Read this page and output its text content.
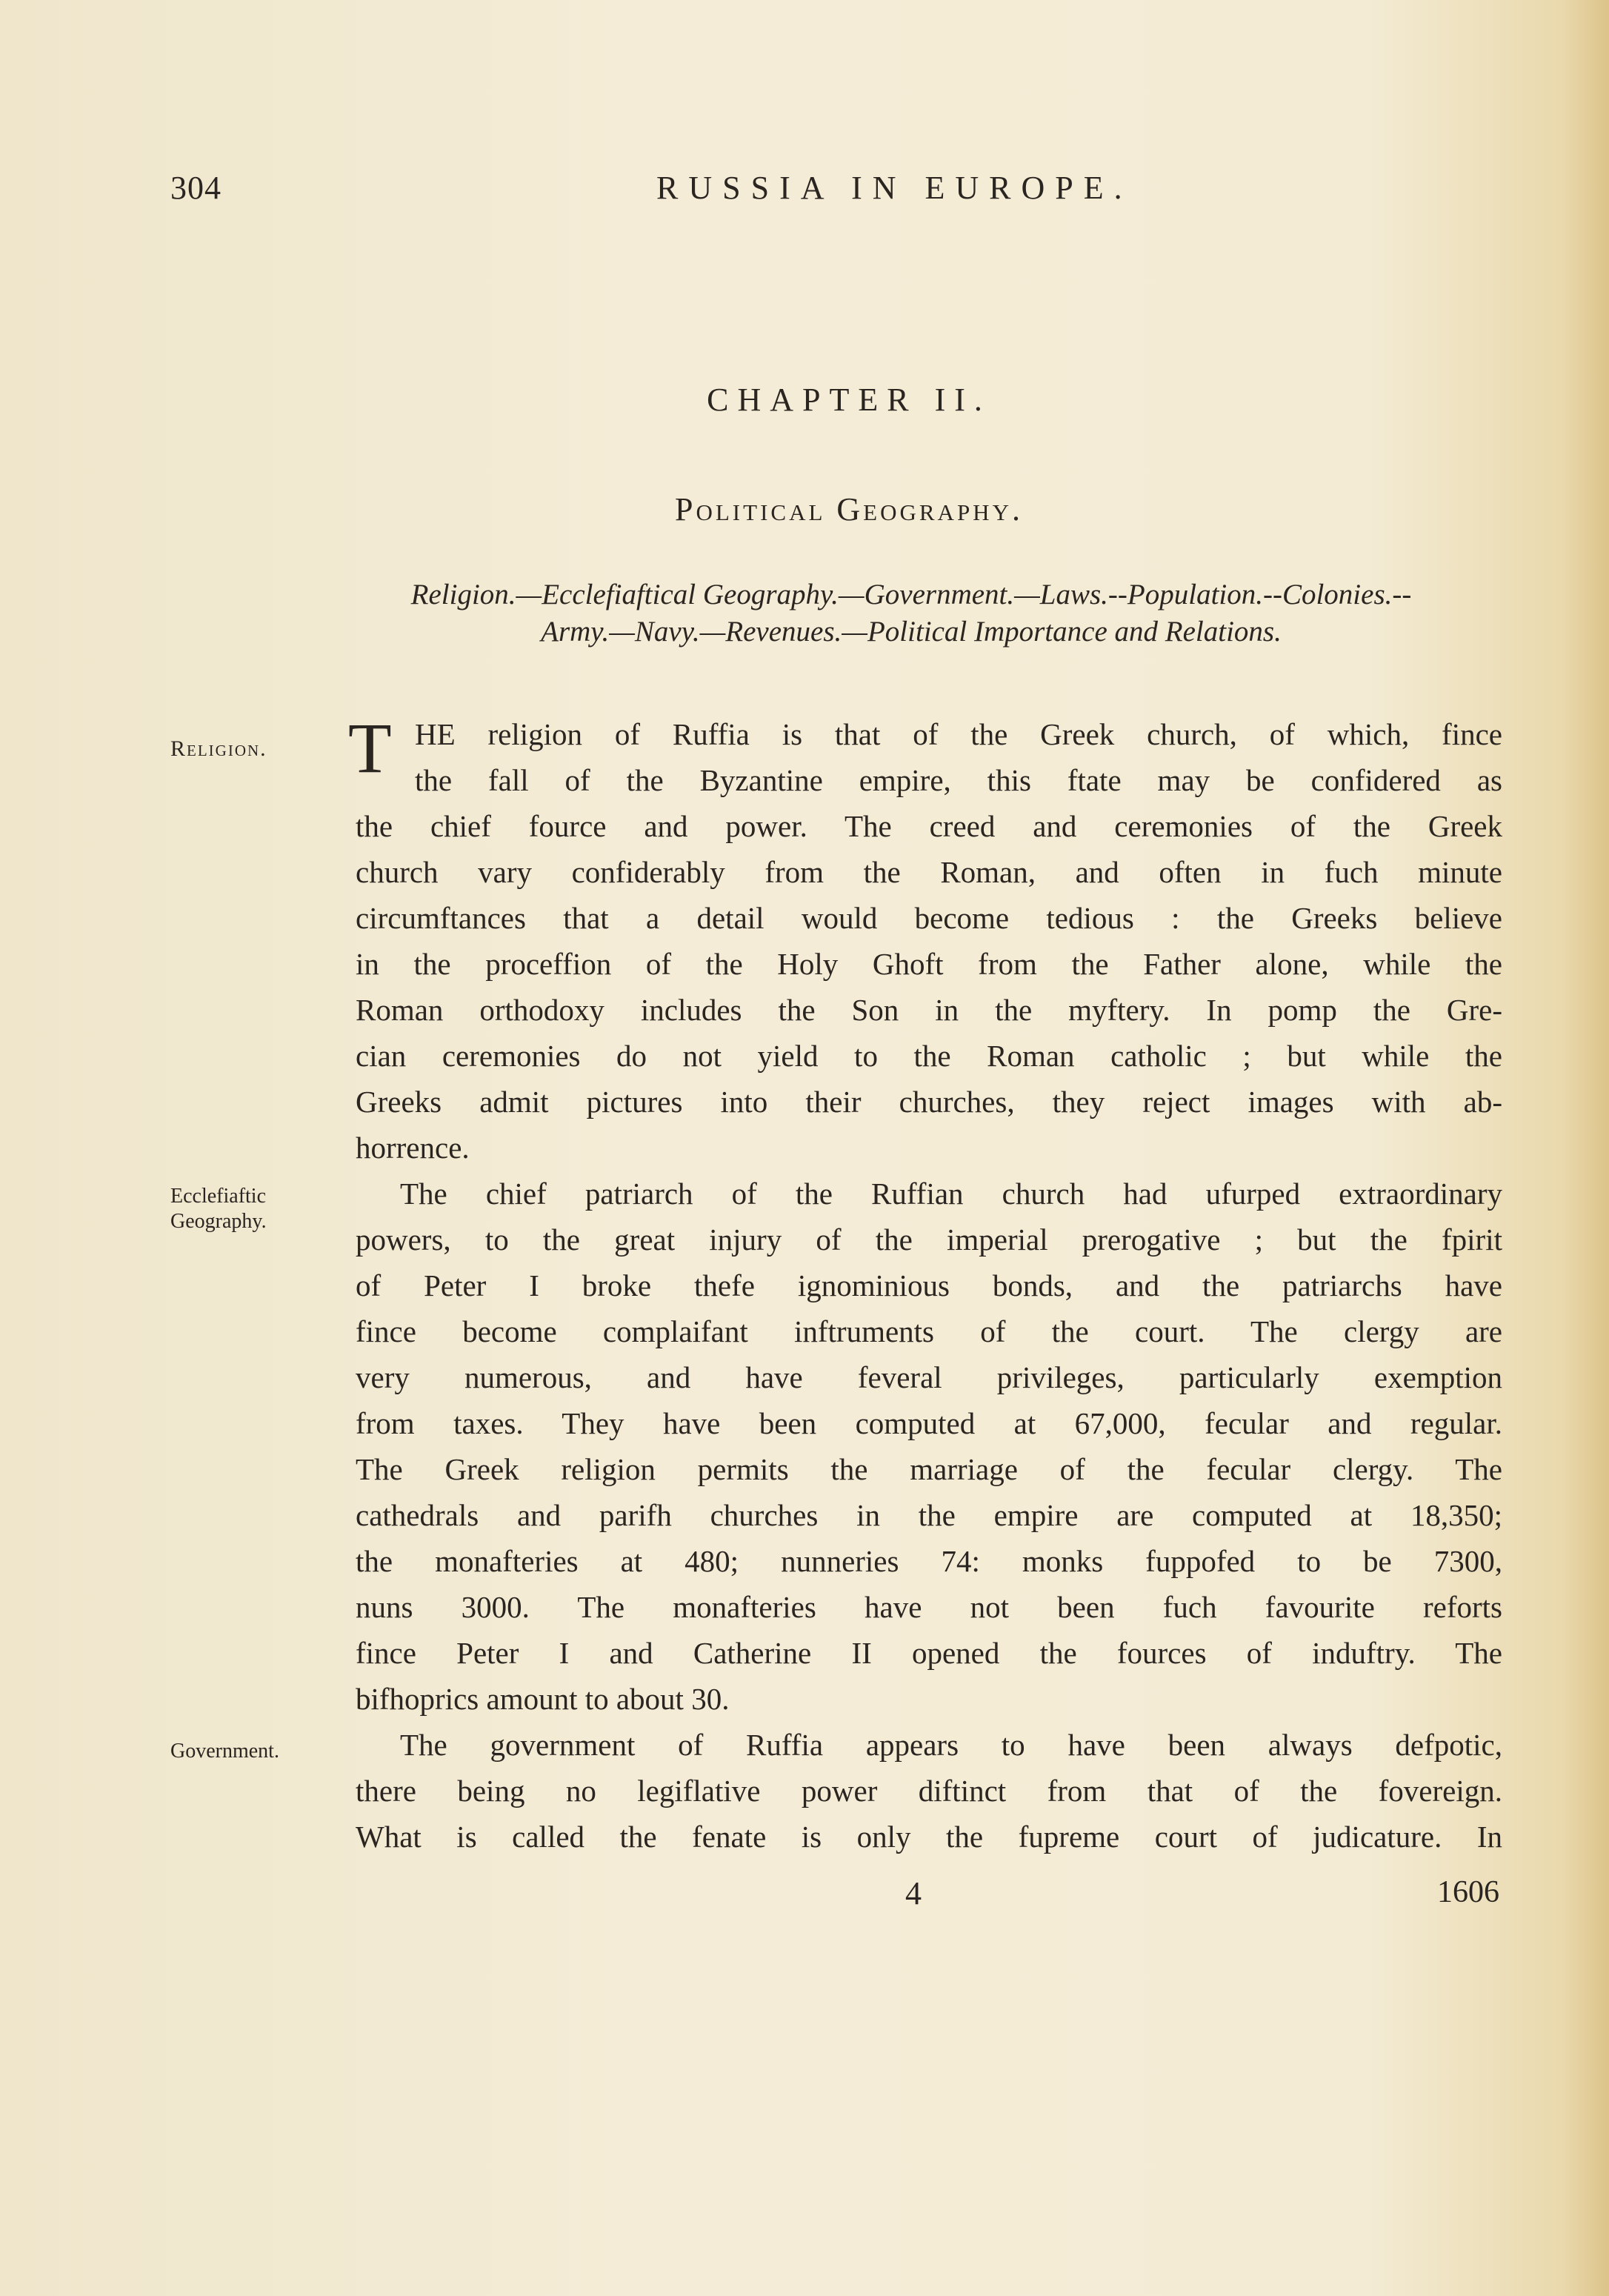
304	RUSSIA IN EUROPE.
CHAPTER II.
Political Geography.
Religion.—Ecclefiaftical Geography.—Government.—Laws.--Population.--Colonies.--
Army.—Navy.—Revenues.—Political Importance and Relations.
Religion.
Ecclefiaftic
Geography.
Government.
T HE religion of Ruffia is that of the Greek church, of which, fince
the fall of the Byzantine empire, this ftate may be confidered as
the chief fource and power. The creed and ceremonies of the Greek
church vary confiderably from the Roman, and often in fuch minute
circumftances that a detail would become tedious : the Greeks believe
in the proceffion of the Holy Ghoft from the Father alone, while the
Roman orthodoxy includes the Son in the myftery. In pomp the Gre-
cian ceremonies do not yield to the Roman catholic ; but while the
Greeks admit pictures into their churches, they reject images with ab-
horrence.
The chief patriarch of the Ruffian church had ufurped extraordinary
powers, to the great injury of the imperial prerogative ; but the fpirit
of Peter I broke thefe ignominious bonds, and the patriarchs have
fince become complaifant inftruments of the court. The clergy are
very numerous, and have feveral privileges, particularly exemption
from taxes. They have been computed at 67,000, fecular and regular.
The Greek religion permits the marriage of the fecular clergy. The
cathedrals and parifh churches in the empire are computed at 18,350;
the monafteries at 480; nunneries 74: monks fuppofed to be 7300,
nuns 3000. The monafteries have not been fuch favourite reforts
fince Peter I and Catherine II opened the fources of induftry. The
bifhoprics amount to about 30.
The government of Ruffia appears to have been always defpotic,
there being no legiflative power diftinct from that of the fovereign.
What is called the fenate is only the fupreme court of judicature. In
4	1606
